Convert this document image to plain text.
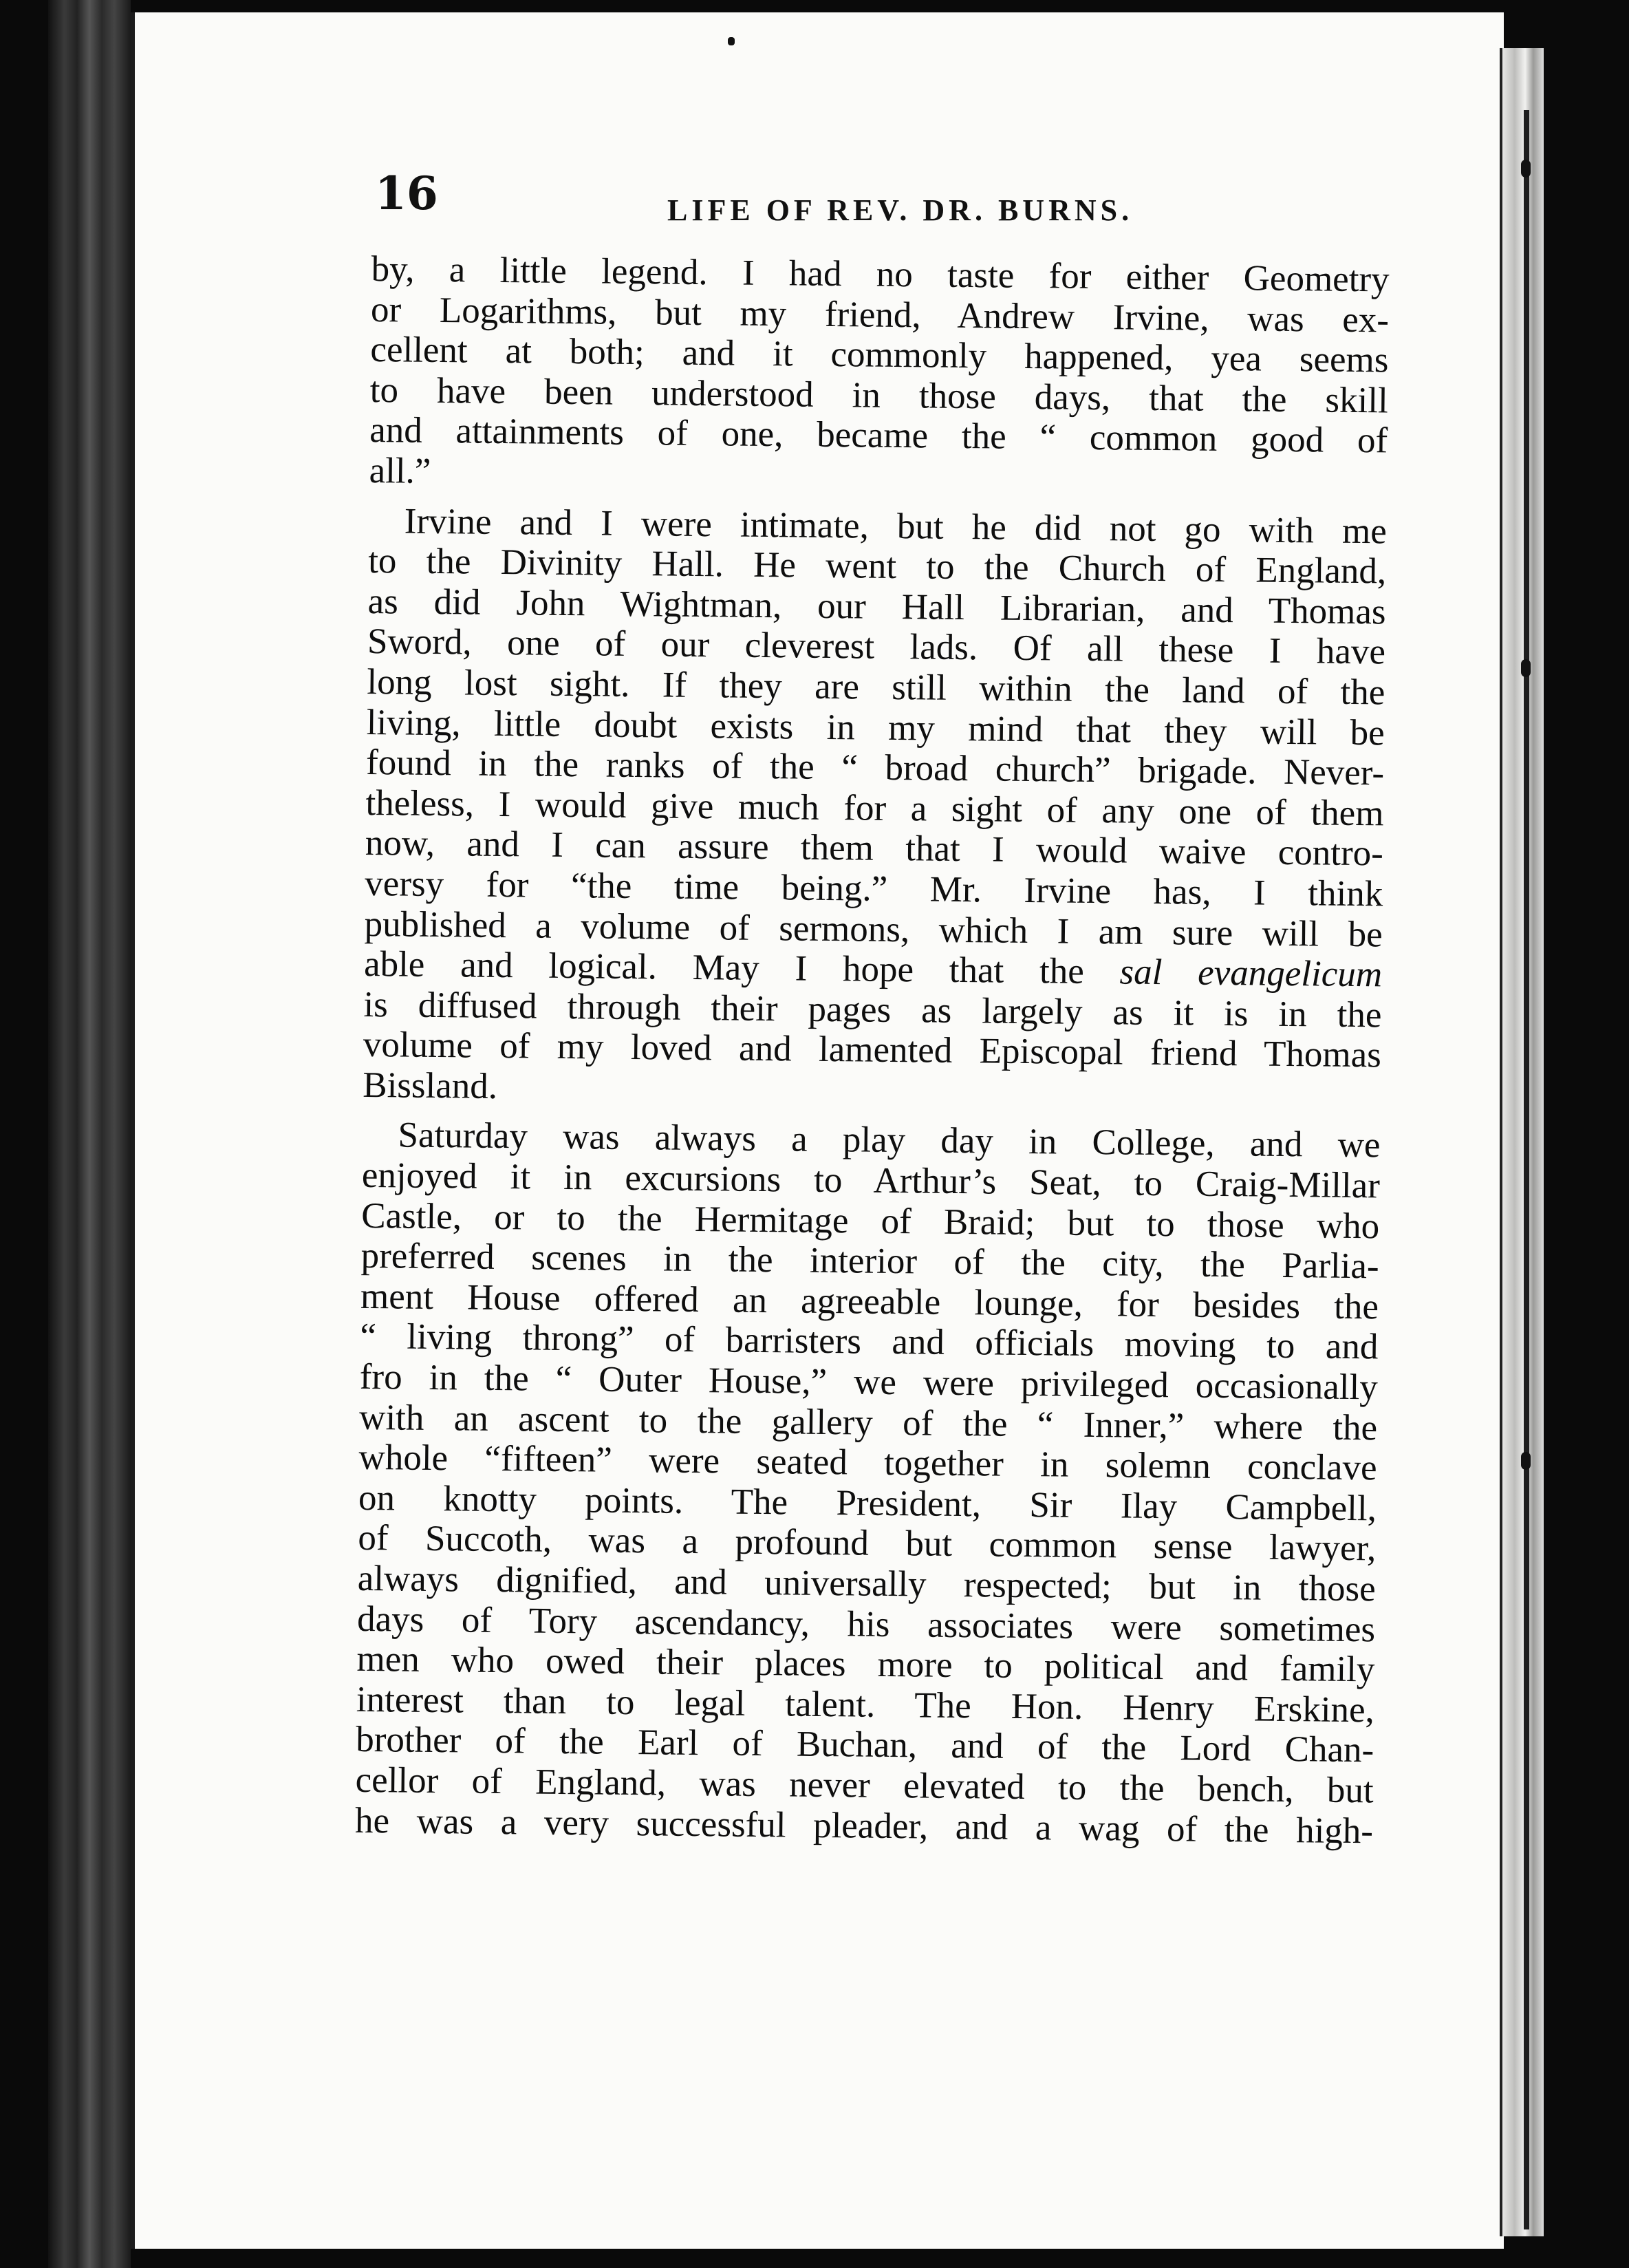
16	LIFE OF REV. DR. BURNS.
by, a little legend. I had no taste for either Geometry
or Logarithms, but my friend, Andrew Irvine, was ex-
cellent at both; and it commonly happened, yea seems
to have been understood in those days, that the skill
and attainments of one, became the “ common good of
all.”
Irvine and I were intimate, but he did not go with me
to the Divinity Hall. He went to the Church of England,
as did John Wightman, our Hall Librarian, and Thomas
Sword, one of our cleverest lads. Of all these I have
long lost sight. If they are still within the land of the
living, little doubt exists in my mind that they will be
found in the ranks of the “ broad church” brigade. Never-
theless, I would give much for a sight of any one of them
now, and I can assure them that I would waive contro-
versy for “the time being.” Mr. Irvine has, I think
published a volume of sermons, which I am sure will be
able and logical. May I hope that the sal evangelicum
is diffused through their pages as largely as it is in the
volume of my loved and lamented Episcopal friend Thomas
Bissland.
Saturday was always a play day in College, and we
enjoyed it in excursions to Arthur’s Seat, to Craig-Millar
Castle, or to the Hermitage of Braid; but to those who
preferred scenes in the interior of the city, the Parlia-
ment House offered an agreeable lounge, for besides the
“ living throng” of barristers and officials moving to and
fro in the “ Outer House,” we were privileged occasionally
with an ascent to the gallery of the “ Inner,” where the
whole “fifteen” were seated together in solemn conclave
on knotty points. The President, Sir Ilay Campbell,
of Succoth, was a profound but common sense lawyer,
always dignified, and universally respected; but in those
days of Tory ascendancy, his associates were sometimes
men who owed their places more to political and family
interest than to legal talent. The Hon. Henry Erskine,
brother of the Earl of Buchan, and of the Lord Chan-
cellor of England, was never elevated to the bench, but
he was a very successful pleader, and a wag of the high-
